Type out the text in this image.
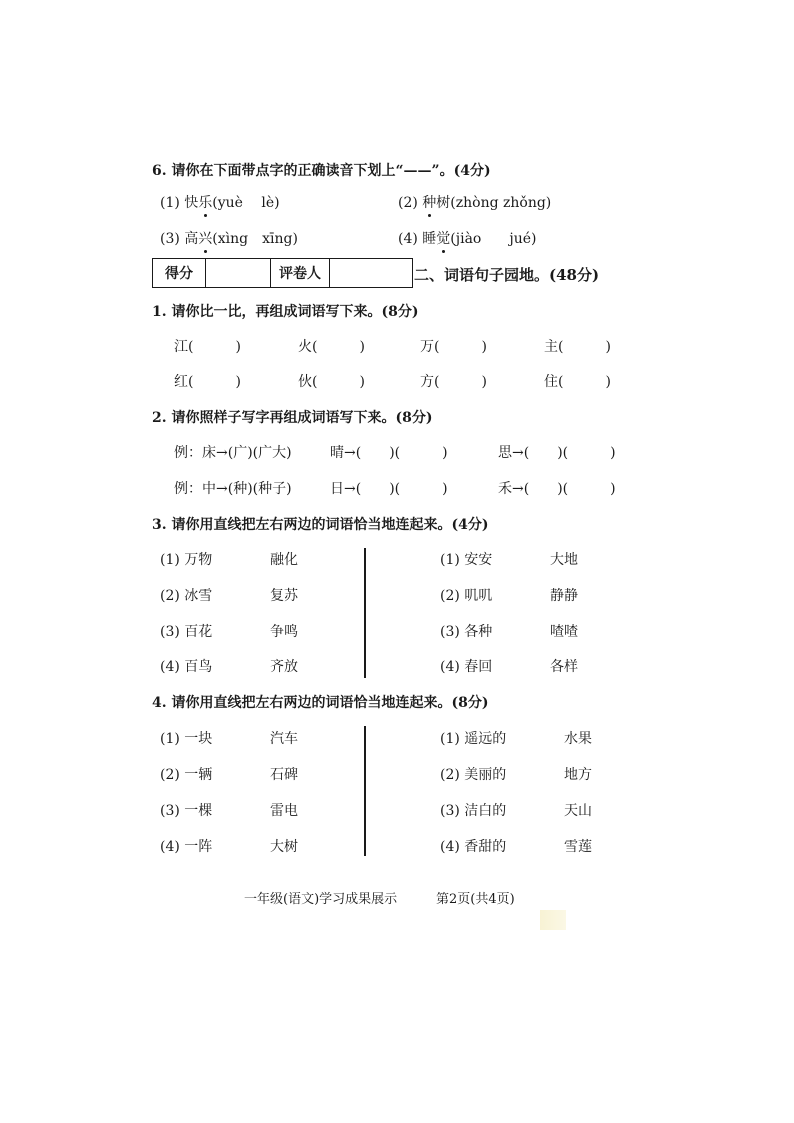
6. 请你在下面带点字的正确读音下划上“——”。(4分)
(1) 快乐(yuè　 lè)	(2) 种树(zhòng zhǒng)
(3) 高兴(xìng　xīng)	(4) 睡觉(jiào　　jué)
得分		评卷人		二、词语句子园地。(48分)
1. 请你比一比，再组成词语写下来。(8分)
江(　　　)	火(　　　)	万(　　　)	主(　　　)
红(　　　)	伙(　　　)	方(　　　)	住(　　　)
2. 请你照样子写字再组成词语写下来。(8分)
例：床→(广)(广大)	晴→(　　)(　　　)	思→(　　)(　　　)
例：中→(种)(种子)	日→(　　)(　　　)	禾→(　　)(　　　)
3. 请你用直线把左右两边的词语恰当地连起来。(4分)
(1) 万物	融化
(2) 冰雪	复苏
(3) 百花	争鸣
(4) 百鸟	齐放
(1) 安安	大地
(2) 叽叽	静静
(3) 各种	喳喳
(4) 春回	各样
4. 请你用直线把左右两边的词语恰当地连起来。(8分)
(1) 一块	汽车
(2) 一辆	石碑
(3) 一棵	雷电
(4) 一阵	大树
(1) 遥远的	水果
(2) 美丽的	地方
(3) 洁白的	天山
(4) 香甜的	雪莲
一年级(语文)学习成果展示	第2页(共4页)
